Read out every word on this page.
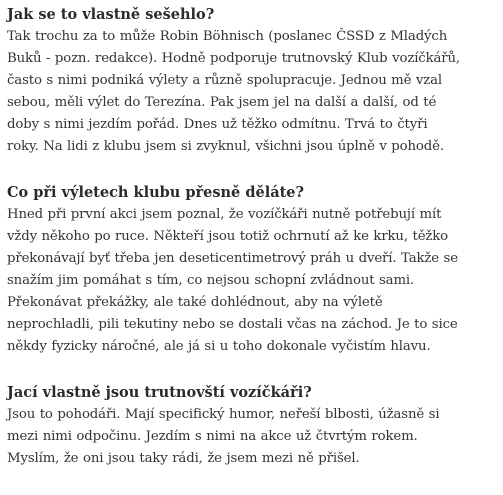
Jak se to vlastně sešehlo?

Tak trochu za to může Robin Böhnisch (poslanec ČSSD z Mladých
Buků - pozn. redakce). Hodně podporuje trutnovský Klub vozíčkářů,
často s nimi podniká výlety a různě spolupracuje. Jednou mě vzal
sebou, měli výlet do Terezína. Pak jsem jel na další a další, od té
doby s nimi jezdím pořád. Dnes už těžko odmítnu. Trvá to čtyři
roky. Na lidi z klubu jsem si zvyknul, všichni jsou úplně v pohodě.

Co při výletech klubu přesně děláte?

Hned při první akci jsem poznal, že vozíčkáři nutně potřebují mít
vždy někoho po ruce. Někteří jsou totiž ochrnutí až ke krku, těžko
překonávají byť třeba jen deseticentimetrový práh u dveří. Takže se
snažím jim pomáhat s tím, co nejsou schopní zvládnout sami.
Překonávat překážky, ale také dohlédnout, aby na výletě
neprochladli, pili tekutiny nebo se dostali včas na záchod. Je to sice
někdy fyzicky náročné, ale já si u toho dokonale vyčistím hlavu.

Jací vlastně jsou trutnovští vozíčkáři?

Jsou to pohodáři. Mají specifický humor, neřeší blbosti, úžasně si
mezi nimi odpočinu. Jezdím s nimi na akce už čtvrtým rokem.
Myslím, že oni jsou taky rádi, že jsem mezi ně přišel.
